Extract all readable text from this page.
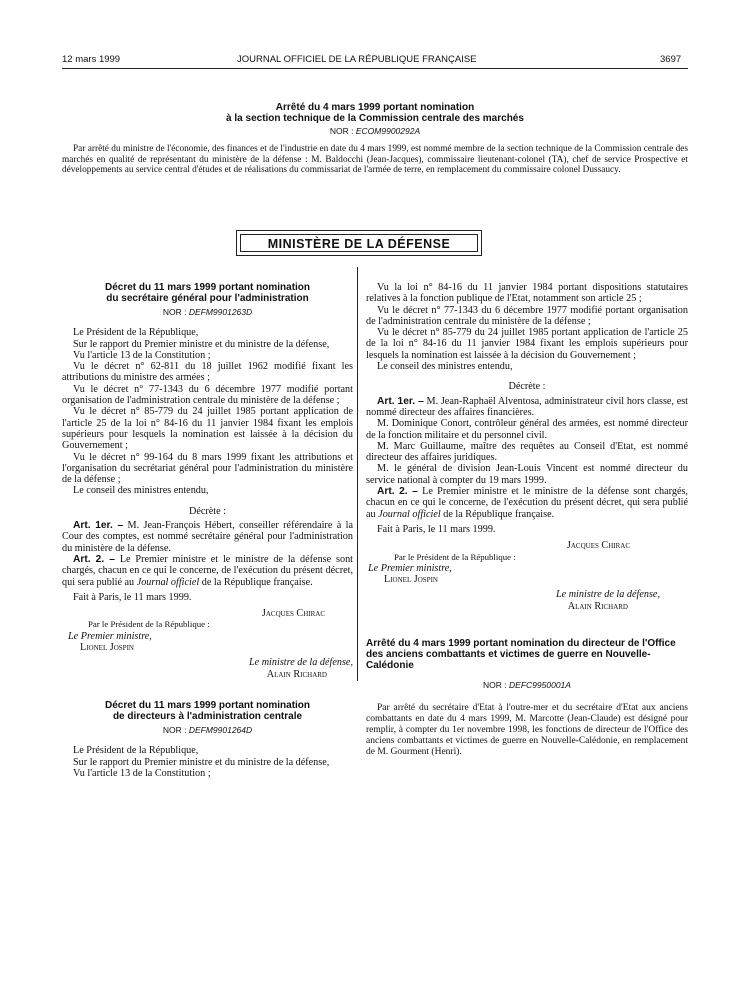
12 mars 1999	JOURNAL OFFICIEL DE LA RÉPUBLIQUE FRANÇAISE	3697
Arrêté du 4 mars 1999 portant nomination
à la section technique de la Commission centrale des marchés
NOR : ECOM9900292A

Par arrêté du ministre de l'économie, des finances et de l'industrie en date du 4 mars 1999, est nommé membre de la section technique de la Commission centrale des marchés en qualité de représentant du ministère de la défense : M. Baldocchi (Jean-Jacques), commissaire lieutenant-colonel (TA), chef de service Prospective et développements au service central d'études et de réalisations du commissariat de l'armée de terre, en remplacement du commissaire colonel Dussaucy.

MINISTÈRE DE LA DÉFENSE
Décret du 11 mars 1999 portant nomination
du secrétaire général pour l'administration
NOR : DEFM9901263D

Le Président de la République,

Sur le rapport du Premier ministre et du ministre de la défense,

Vu l'article 13 de la Constitution ;

Vu le décret n° 62-811 du 18 juillet 1962 modifié fixant les attributions du ministre des armées ;

Vu le décret n° 77-1343 du 6 décembre 1977 modifié portant organisation de l'administration centrale du ministère de la défense ;

Vu le décret n° 85-779 du 24 juillet 1985 portant application de l'article 25 de la loi n° 84-16 du 11 janvier 1984 fixant les emplois supérieurs pour lesquels la nomination est laissée à la décision du Gouvernement ;

Vu le décret n° 99-164 du 8 mars 1999 fixant les attributions et l'organisation du secrétariat général pour l'administration du ministère de la défense ;

Le conseil des ministres entendu,

Décrète :

Art. 1er. – M. Jean-François Hébert, conseiller référendaire à la Cour des comptes, est nommé secrétaire général pour l'administration du ministère de la défense.

Art. 2. – Le Premier ministre et le ministre de la défense sont chargés, chacun en ce qui le concerne, de l'exécution du présent décret, qui sera publié au Journal officiel de la République française.

Fait à Paris, le 11 mars 1999.

Jacques Chirac
Par le Président de la République :
Le Premier ministre,
Lionel Jospin
Le ministre de la défense,
Alain Richard
Décret du 11 mars 1999 portant nomination
de directeurs à l'administration centrale
NOR : DEFM9901264D

Le Président de la République,

Sur le rapport du Premier ministre et du ministre de la défense,

Vu l'article 13 de la Constitution ;

Vu la loi n° 84-16 du 11 janvier 1984 portant dispositions statutaires relatives à la fonction publique de l'Etat, notamment son article 25 ;

Vu le décret n° 77-1343 du 6 décembre 1977 modifié portant organisation de l'administration centrale du ministère de la défense ;

Vu le décret n° 85-779 du 24 juillet 1985 portant application de l'article 25 de la loi n° 84-16 du 11 janvier 1984 fixant les emplois supérieurs pour lesquels la nomination est laissée à la décision du Gouvernement ;

Le conseil des ministres entendu,

Décrète :

Art. 1er. – M. Jean-Raphaël Alventosa, administrateur civil hors classe, est nommé directeur des affaires financières.

M. Dominique Conort, contrôleur général des armées, est nommé directeur de la fonction militaire et du personnel civil.

M. Marc Guillaume, maître des requêtes au Conseil d'Etat, est nommé directeur des affaires juridiques.

M. le général de division Jean-Louis Vincent est nommé directeur du service national à compter du 19 mars 1999.

Art. 2. – Le Premier ministre et le ministre de la défense sont chargés, chacun en ce qui le concerne, de l'exécution du présent décret, qui sera publié au Journal officiel de la République française.

Fait à Paris, le 11 mars 1999.

Jacques Chirac
Par le Président de la République :
Le Premier ministre,
Lionel Jospin
Le ministre de la défense,
Alain Richard
Arrêté du 4 mars 1999 portant nomination du directeur de l'Office des anciens combattants et victimes de guerre en Nouvelle-Calédonie
NOR : DEFC9950001A

Par arrêté du secrétaire d'Etat à l'outre-mer et du secrétaire d'Etat aux anciens combattants en date du 4 mars 1999, M. Marcotte (Jean-Claude) est désigné pour remplir, à compter du 1er novembre 1998, les fonctions de directeur de l'Office des anciens combattants et victimes de guerre en Nouvelle-Calédonie, en remplacement de M. Gourment (Henri).
